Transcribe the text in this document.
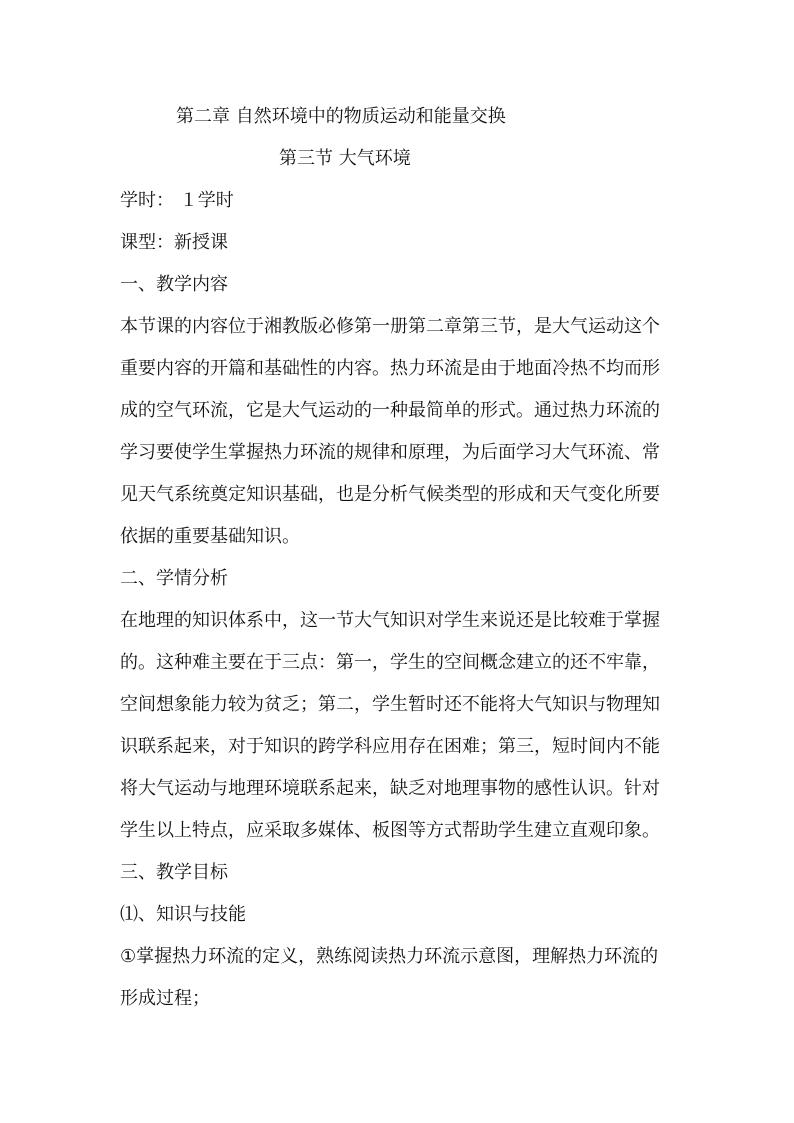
第二章 自然环境中的物质运动和能量交换
第三节 大气环境
学时： １学时
课型：新授课
一、教学内容
本节课的内容位于湘教版必修第一册第二章第三节，是大气运动这个
重要内容的开篇和基础性的内容。热力环流是由于地面冷热不均而形
成的空气环流，它是大气运动的一种最简单的形式。通过热力环流的
学习要使学生掌握热力环流的规律和原理，为后面学习大气环流、常
见天气系统奠定知识基础，也是分析气候类型的形成和天气变化所要
依据的重要基础知识。
二、学情分析
在地理的知识体系中，这一节大气知识对学生来说还是比较难于掌握
的。这种难主要在于三点：第一，学生的空间概念建立的还不牢靠，
空间想象能力较为贫乏；第二，学生暂时还不能将大气知识与物理知
识联系起来，对于知识的跨学科应用存在困难；第三，短时间内不能
将大气运动与地理环境联系起来，缺乏对地理事物的感性认识。针对
学生以上特点，应采取多媒体、板图等方式帮助学生建立直观印象。
三、教学目标
⑴、知识与技能
①掌握热力环流的定义，熟练阅读热力环流示意图，理解热力环流的
形成过程；
